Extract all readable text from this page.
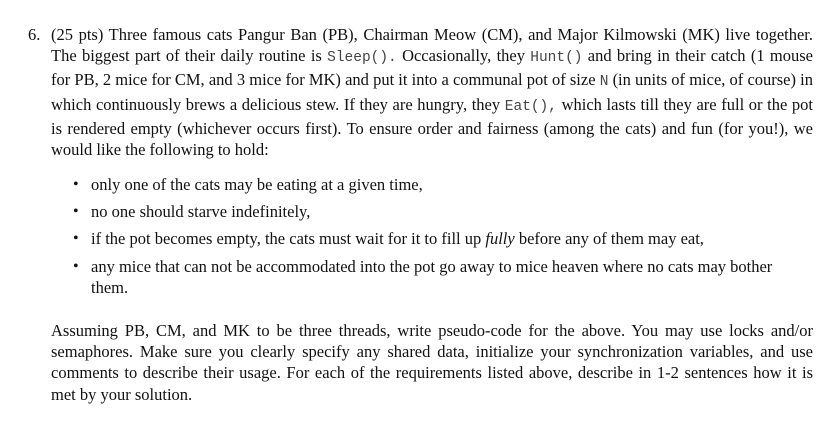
6. (25 pts) Three famous cats Pangur Ban (PB), Chairman Meow (CM), and Major Kilmowski (MK) live together. The biggest part of their daily routine is Sleep(). Occasionally, they Hunt() and bring in their catch (1 mouse for PB, 2 mice for CM, and 3 mice for MK) and put it into a communal pot of size N (in units of mice, of course) in which continuously brews a delicious stew. If they are hungry, they Eat(), which lasts till they are full or the pot is rendered empty (whichever occurs first). To ensure order and fairness (among the cats) and fun (for you!), we would like the following to hold:

• only one of the cats may be eating at a given time,
• no one should starve indefinitely,
• if the pot becomes empty, the cats must wait for it to fill up fully before any of them may eat,
• any mice that can not be accommodated into the pot go away to mice heaven where no cats may bother them.

Assuming PB, CM, and MK to be three threads, write pseudo-code for the above. You may use locks and/or semaphores. Make sure you clearly specify any shared data, initialize your synchronization variables, and use comments to describe their usage. For each of the requirements listed above, describe in 1-2 sentences how it is met by your solution.
